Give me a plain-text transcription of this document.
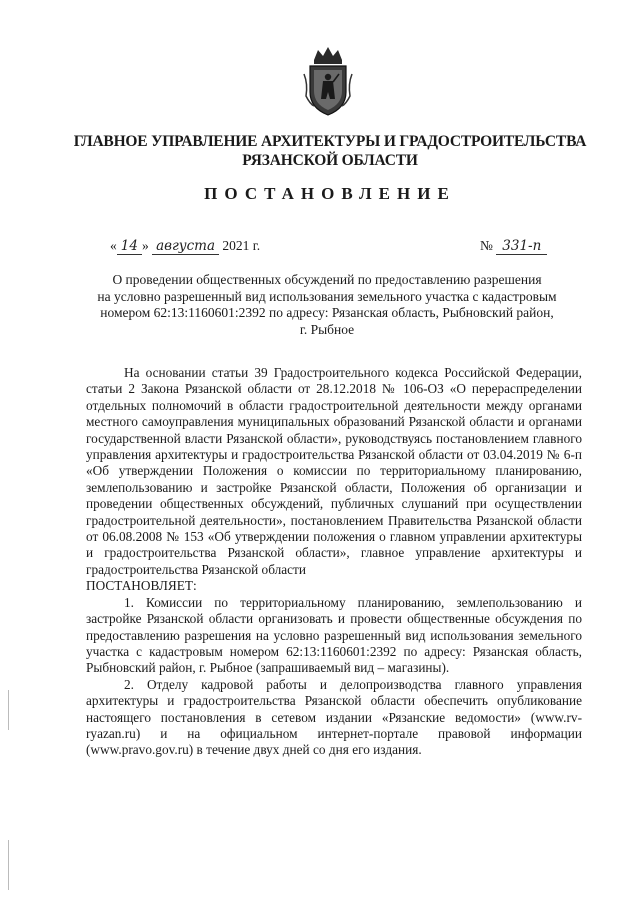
ГЛАВНОЕ УПРАВЛЕНИЕ АРХИТЕКТУРЫ И ГРАДОСТРОИТЕЛЬСТВА
РЯЗАНСКОЙ ОБЛАСТИ
ПОСТАНОВЛЕНИЕ
« 14 » августа 2021 г.	№ 331-п
О проведении общественных обсуждений по предоставлению разрешения
на условно разрешенный вид использования земельного участка с кадастровым
номером 62:13:1160601:2392 по адресу: Рязанская область, Рыбновский район,
г. Рыбное

На основании статьи 39 Градостроительного кодекса Российской Федерации, статьи 2 Закона Рязанской области от 28.12.2018 № 106-ОЗ «О перераспределении отдельных полномочий в области градостроительной деятельности между органами местного самоуправления муниципальных образований Рязанской области и органами государственной власти Рязанской области», руководствуясь постановлением главного управления архитектуры и градостроительства Рязанской области от 03.04.2019 № 6-п «Об утверждении Положения о комиссии по территориальному планированию, землепользованию и застройке Рязанской области, Положения об организации и проведении общественных обсуждений, публичных слушаний при осуществлении градостроительной деятельности», постановлением Правительства Рязанской области от 06.08.2008 № 153 «Об утверждении положения о главном управлении архитектуры и градостроительства Рязанской области», главное управление архитектуры и градостроительства Рязанской области

ПОСТАНОВЛЯЕТ:

1. Комиссии по территориальному планированию, землепользованию и застройке Рязанской области организовать и провести общественные обсуждения по предоставлению разрешения на условно разрешенный вид использования земельного участка с кадастровым номером 62:13:1160601:2392 по адресу: Рязанская область, Рыбновский район, г. Рыбное (запрашиваемый вид – магазины).

2. Отделу кадровой работы и делопроизводства главного управления архитектуры и градостроительства Рязанской области обеспечить опубликование настоящего постановления в сетевом издании «Рязанские ведомости» (www.rv-ryazan.ru) и на официальном интернет-портале правовой информации (www.pravo.gov.ru) в течение двух дней со дня его издания.
